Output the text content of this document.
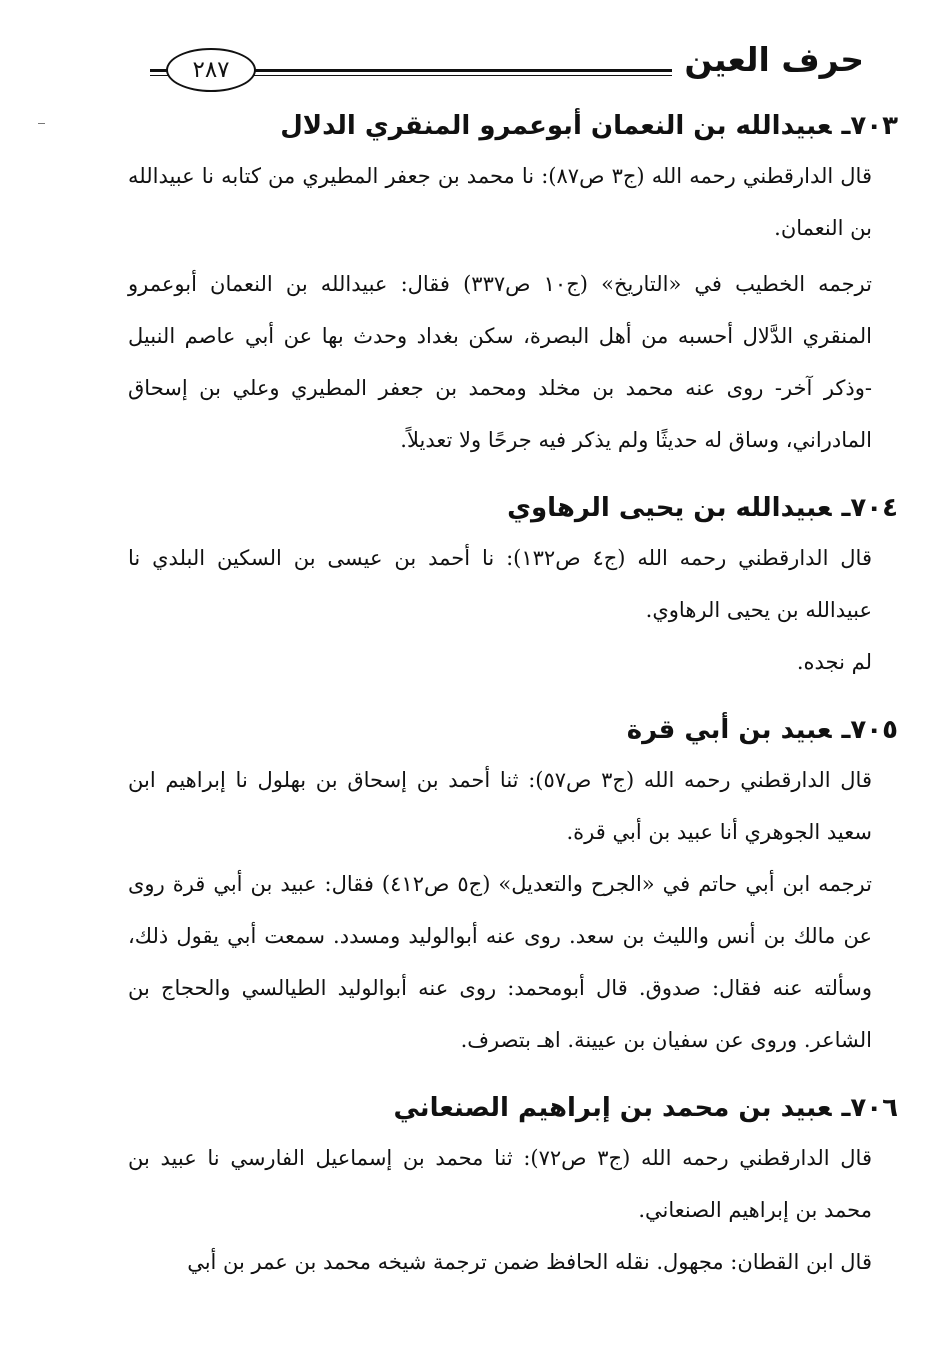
٢٨٧	حرف العين
٧٠٣ـعبيدالله بن النعمان أبوعمرو المنقري الدلال

قال الدارقطني رحمه الله (ج٣ ص٨٧): نا محمد بن جعفر المطيري من كتابه نا عبيدالله بن النعمان.

ترجمه الخطيب في «التاريخ» (ج١٠ ص٣٣٧) فقال: عبيدالله بن النعمان أبوعمرو المنقري الدَّلال أحسبه من أهل البصرة، سكن بغداد وحدث بها عن أبي عاصم النبيل -وذكر آخر- روى عنه محمد بن مخلد ومحمد بن جعفر المطيري وعلي بن إسحاق المادراني، وساق له حديثًا ولم يذكر فيه جرحًا ولا تعديلاً.

٧٠٤ـعبيدالله بن يحيى الرهاوي

قال الدارقطني رحمه الله (ج٤ ص١٣٢): نا أحمد بن عيسى بن السكين البلدي نا عبيدالله بن يحيى الرهاوي.

لم نجده.

٧٠٥ـعبيد بن أبي قرة

قال الدارقطني رحمه الله (ج٣ ص٥٧): ثنا أحمد بن إسحاق بن بهلول نا إبراهيم ابن سعيد الجوهري أنا عبيد بن أبي قرة.

ترجمه ابن أبي حاتم في «الجرح والتعديل» (ج٥ ص٤١٢) فقال: عبيد بن أبي قرة روى عن مالك بن أنس والليث بن سعد. روى عنه أبوالوليد ومسدد. سمعت أبي يقول ذلك، وسألته عنه فقال: صدوق. قال أبومحمد: روى عنه أبوالوليد الطيالسي والحجاج بن الشاعر. وروى عن سفيان بن عيينة. اهـ بتصرف.

٧٠٦ـعبيد بن محمد بن إبراهيم الصنعاني

قال الدارقطني رحمه الله (ج٣ ص٧٢): ثنا محمد بن إسماعيل الفارسي نا عبيد بن محمد بن إبراهيم الصنعاني.

قال ابن القطان: مجهول. نقله الحافظ ضمن ترجمة شيخه محمد بن عمر بن أبي
